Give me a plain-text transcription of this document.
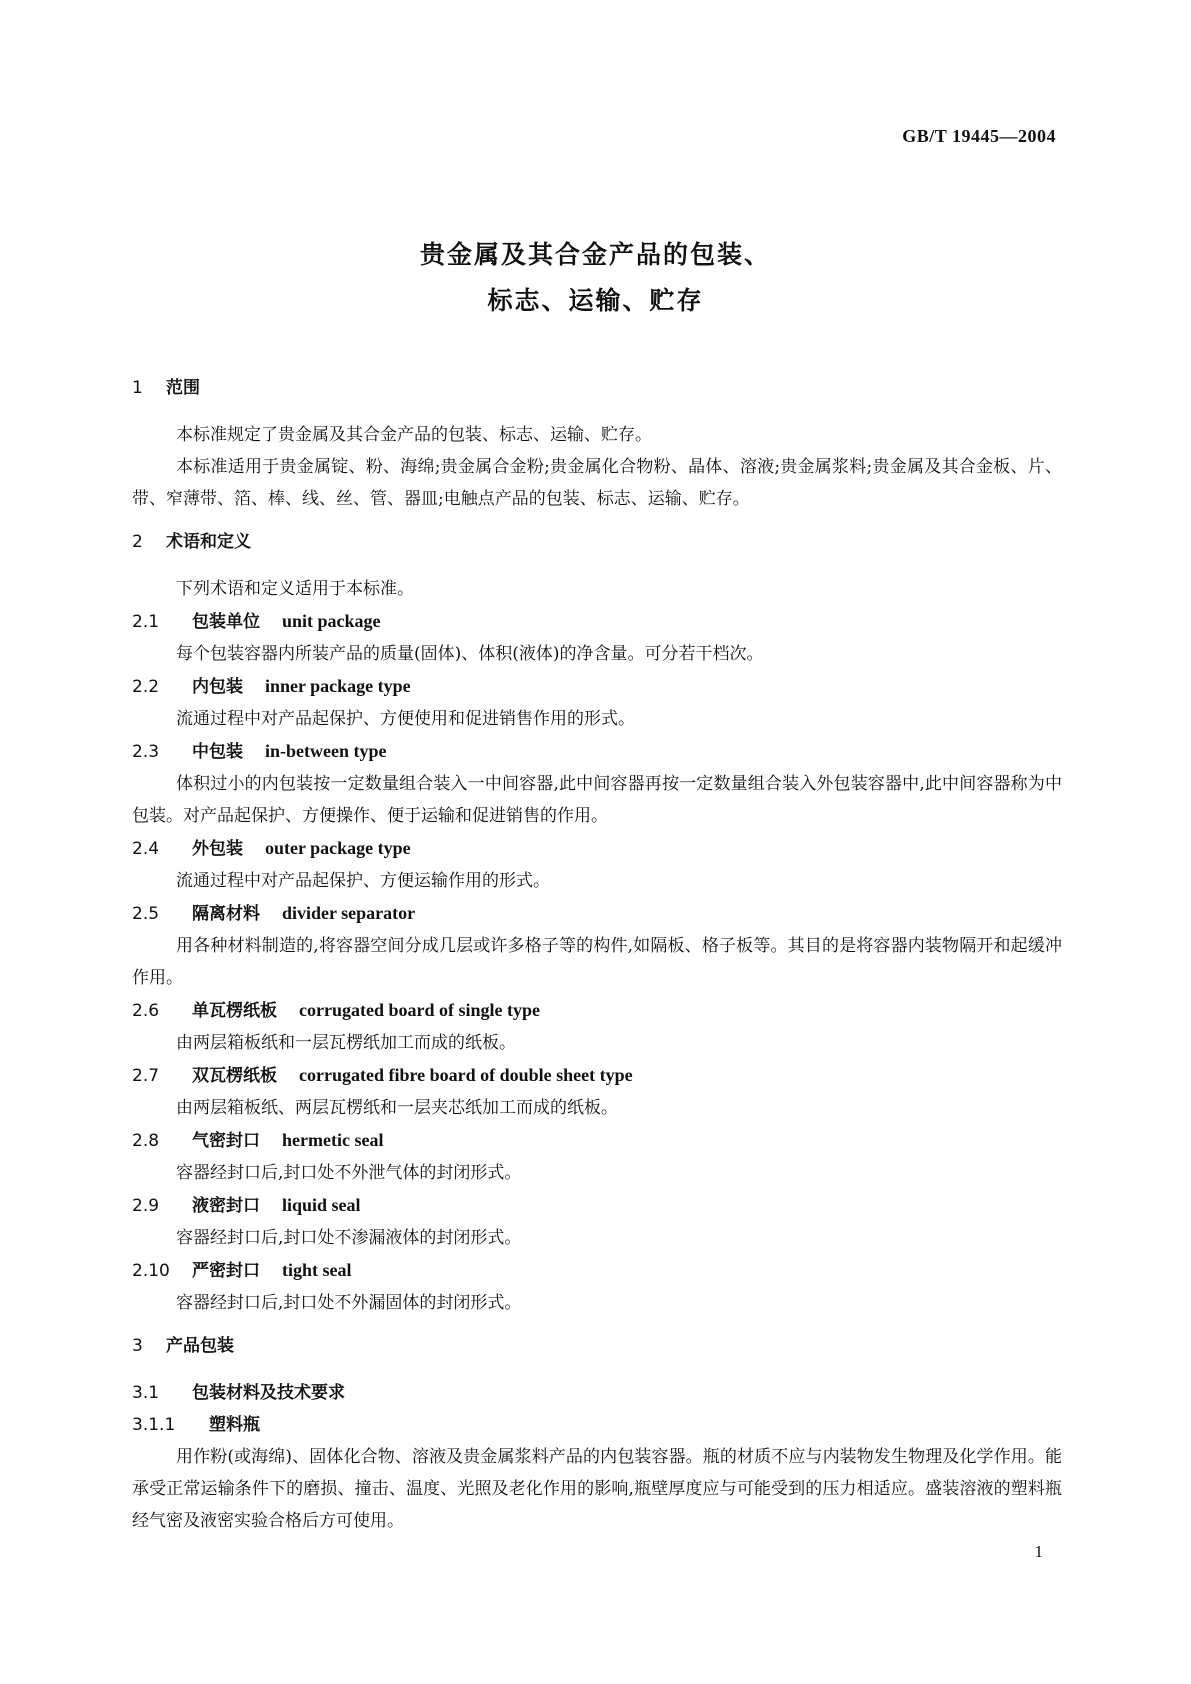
GB/T 19445—2004
贵金属及其合金产品的包装、
标志、运输、贮存
1 范围

本标准规定了贵金属及其合金产品的包装、标志、运输、贮存。

本标准适用于贵金属锭、粉、海绵;贵金属合金粉;贵金属化合物粉、晶体、溶液;贵金属浆料;贵金属及其合金板、片、带、窄薄带、箔、棒、线、丝、管、器皿;电触点产品的包装、标志、运输、贮存。

2 术语和定义

下列术语和定义适用于本标准。

2.1 包装单位 unit package

每个包装容器内所装产品的质量(固体)、体积(液体)的净含量。可分若干档次。

2.2 内包装 inner package type

流通过程中对产品起保护、方便使用和促进销售作用的形式。

2.3 中包装 in-between type

体积过小的内包装按一定数量组合装入一中间容器,此中间容器再按一定数量组合装入外包装容器中,此中间容器称为中包装。对产品起保护、方便操作、便于运输和促进销售的作用。

2.4 外包装 outer package type

流通过程中对产品起保护、方便运输作用的形式。

2.5 隔离材料 divider separator

用各种材料制造的,将容器空间分成几层或许多格子等的构件,如隔板、格子板等。其目的是将容器内装物隔开和起缓冲作用。

2.6 单瓦楞纸板 corrugated board of single type

由两层箱板纸和一层瓦楞纸加工而成的纸板。

2.7 双瓦楞纸板 corrugated fibre board of double sheet type

由两层箱板纸、两层瓦楞纸和一层夹芯纸加工而成的纸板。

2.8 气密封口 hermetic seal

容器经封口后,封口处不外泄气体的封闭形式。

2.9 液密封口 liquid seal

容器经封口后,封口处不渗漏液体的封闭形式。

2.10 严密封口 tight seal

容器经封口后,封口处不外漏固体的封闭形式。

3 产品包装
3.1 包装材料及技术要求
3.1.1 塑料瓶

用作粉(或海绵)、固体化合物、溶液及贵金属浆料产品的内包装容器。瓶的材质不应与内装物发生物理及化学作用。能承受正常运输条件下的磨损、撞击、温度、光照及老化作用的影响,瓶壁厚度应与可能受到的压力相适应。盛装溶液的塑料瓶经气密及液密实验合格后方可使用。

1
